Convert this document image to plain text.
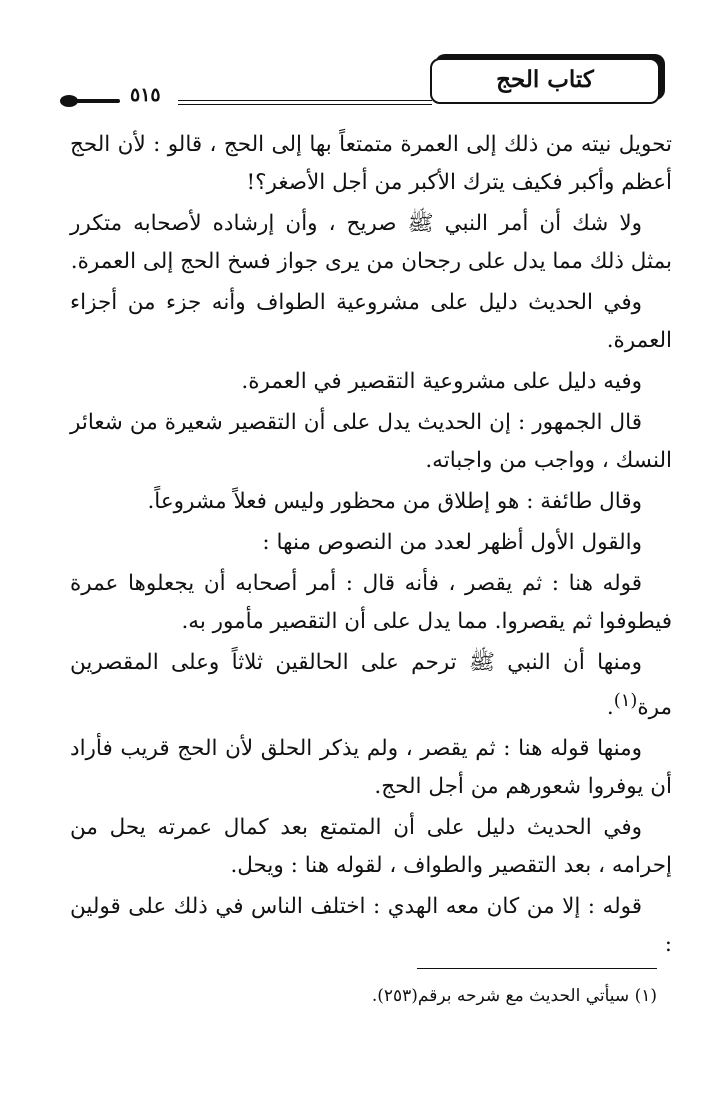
٥١٥
كتاب الحج

تحويل نيته من ذلك إلى العمرة متمتعاً بها إلى الحج ، قالو : لأن الحج أعظم وأكبر فكيف يترك الأكبر من أجل الأصغر؟!

ولا شك أن أمر النبي ﷺ صريح ، وأن إرشاده لأصحابه متكرر بمثل ذلك مما يدل على رجحان من يرى جواز فسخ الحج إلى العمرة.

وفي الحديث دليل على مشروعية الطواف وأنه جزء من أجزاء العمرة.

وفيه دليل على مشروعية التقصير في العمرة.

قال الجمهور : إن الحديث يدل على أن التقصير شعيرة من شعائر النسك ، وواجب من واجباته.

وقال طائفة : هو إطلاق من محظور وليس فعلاً مشروعاً.

والقول الأول أظهر لعدد من النصوص منها :

قوله هنا : ثم يقصر ، فأنه قال : أمر أصحابه أن يجعلوها عمرة فيطوفوا ثم يقصروا. مما يدل على أن التقصير مأمور به.

ومنها أن النبي ﷺ ترحم على الحالقين ثلاثاً وعلى المقصرين مرة$^{(١)}$.

ومنها قوله هنا : ثم يقصر ، ولم يذكر الحلق لأن الحج قريب فأراد أن يوفروا شعورهم من أجل الحج.

وفي الحديث دليل على أن المتمتع بعد كمال عمرته يحل من إحرامه ، بعد التقصير والطواف ، لقوله هنا : ويحل.

قوله : إلا من كان معه الهدي : اختلف الناس في ذلك على قولين :

(١) سيأتي الحديث مع شرحه برقم(٢٥٣).
